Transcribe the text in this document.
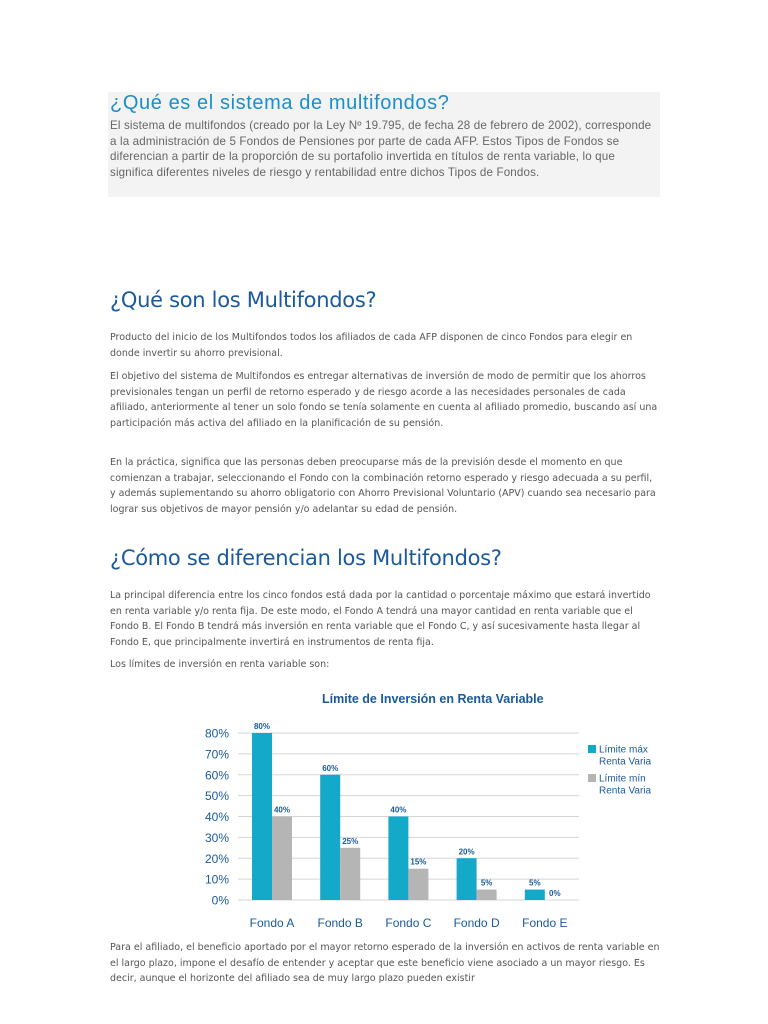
¿Qué es el sistema de multifondos?
El sistema de multifondos (creado por la Ley Nº 19.795, de fecha 28 de febrero de 2002), corresponde a la administración de 5 Fondos de Pensiones por parte de cada AFP. Estos Tipos de Fondos se diferencian a partir de la proporción de su portafolio invertida en títulos de renta variable, lo que significa diferentes niveles de riesgo y rentabilidad entre dichos Tipos de Fondos.
¿Qué son los Multifondos?
Producto del inicio de los Multifondos todos los afiliados de cada AFP disponen de cinco Fondos para elegir en donde invertir su ahorro previsional.
El objetivo del sistema de Multifondos es entregar alternativas de inversión de modo de permitir que los ahorros previsionales tengan un perfil de retorno esperado y de riesgo acorde a las necesidades personales de cada afiliado, anteriormente al tener un solo fondo se tenía solamente en cuenta al afiliado promedio, buscando así una participación más activa del afiliado en la planificación de su pensión.
En la práctica, significa que las personas deben preocuparse más de la previsión desde el momento en que comienzan a trabajar, seleccionando el Fondo con la combinación retorno esperado y riesgo adecuada a su perfil, y además suplementando su ahorro obligatorio con Ahorro Previsional Voluntario (APV) cuando sea necesario para lograr sus objetivos de mayor pensión y/o adelantar su edad de pensión.
¿Cómo se diferencian los Multifondos?
La principal diferencia entre los cinco fondos está dada por la cantidad o porcentaje máximo que estará invertido en renta variable y/o renta fija. De este modo, el Fondo A tendrá una mayor cantidad en renta variable que el Fondo B. El Fondo B tendrá más inversión en renta variable que el Fondo C, y así sucesivamente hasta llegar al Fondo E, que principalmente invertirá en instrumentos de renta fija.
Los límites de inversión en renta variable son:
Límite de Inversión en Renta Variable
0%
10%
20%
30%
40%
50%
60%
70%
80%	80%
40%
Fondo A
60%
25%
Fondo B
40%
15%
Fondo C
20%
5%
Fondo D
5%
0%
Fondo E
Límite máx
Renta Varia
Límite mín
Renta Varia
Para el afiliado, el beneficio aportado por el mayor retorno esperado de la inversión en activos de renta variable en el largo plazo, impone el desafío de entender y aceptar que este beneficio viene asociado a un mayor riesgo. Es decir, aunque el horizonte del afiliado sea de muy largo plazo pueden existir
